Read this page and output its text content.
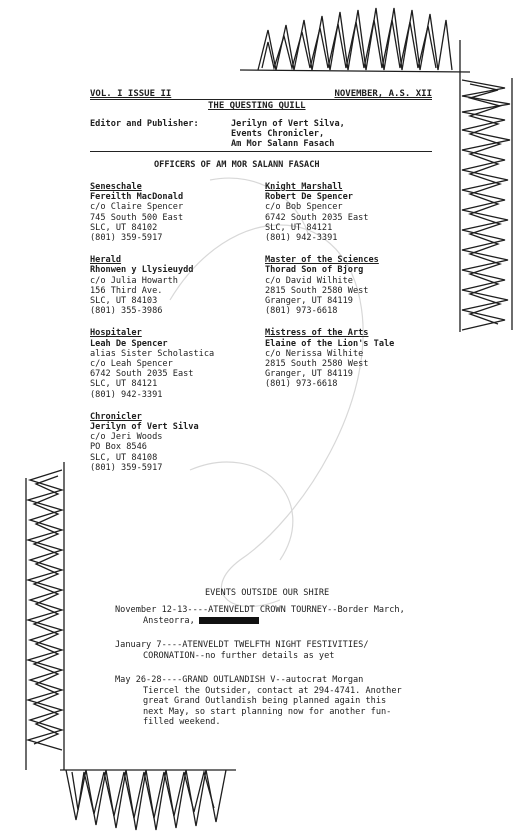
VOL. I ISSUE II	NOVEMBER, A.S. XII
THE QUESTING QUILL
Editor and Publisher:	Jerilyn of Vert Silva,
Events Chronicler,
Am Mor Salann Fasach
OFFICERS OF AM MOR SALANN FASACH
Seneschale
Fereilth MacDonald
c/o Claire Spencer
745 South 500 East
SLC, UT 84102
(801) 359-5917
Herald
Rhonwen y Llysieuydd
c/o Julia Howarth
156 Third Ave.
SLC, UT 84103
(801) 355-3986
Hospitaler
Leah De Spencer
alias Sister Scholastica
c/o Leah Spencer
6742 South 2035 East
SLC, UT 84121
(801) 942-3391
Chronicler
Jerilyn of Vert Silva
c/o Jeri Woods
PO Box 8546
SLC, UT 84108
(801) 359-5917
Knight Marshall
Robert De Spencer
c/o Bob Spencer
6742 South 2035 East
SLC, UT 84121
(801) 942-3391
Master of the Sciences
Thorad Son of Bjorg
c/o David Wilhite
2815 South 2580 West
Granger, UT 84119
(801) 973-6618
Mistress of the Arts
Elaine of the Lion's Tale
c/o Nerissa Wilhite
2815 South 2580 West
Granger, UT 84119
(801) 973-6618
EVENTS OUTSIDE OUR SHIRE
November 12-13----ATENVELDT CROWN TOURNEY--Border March,
Ansteorra,
January 7----ATENVELDT TWELFTH NIGHT FESTIVITIES/
CORONATION--no further details as yet
May 26-28----GRAND OUTLANDISH V--autocrat Morgan
Tiercel the Outsider, contact at 294-4741. Another
great Grand Outlandish being planned again this
next May, so start planning now for another fun-
filled weekend.
